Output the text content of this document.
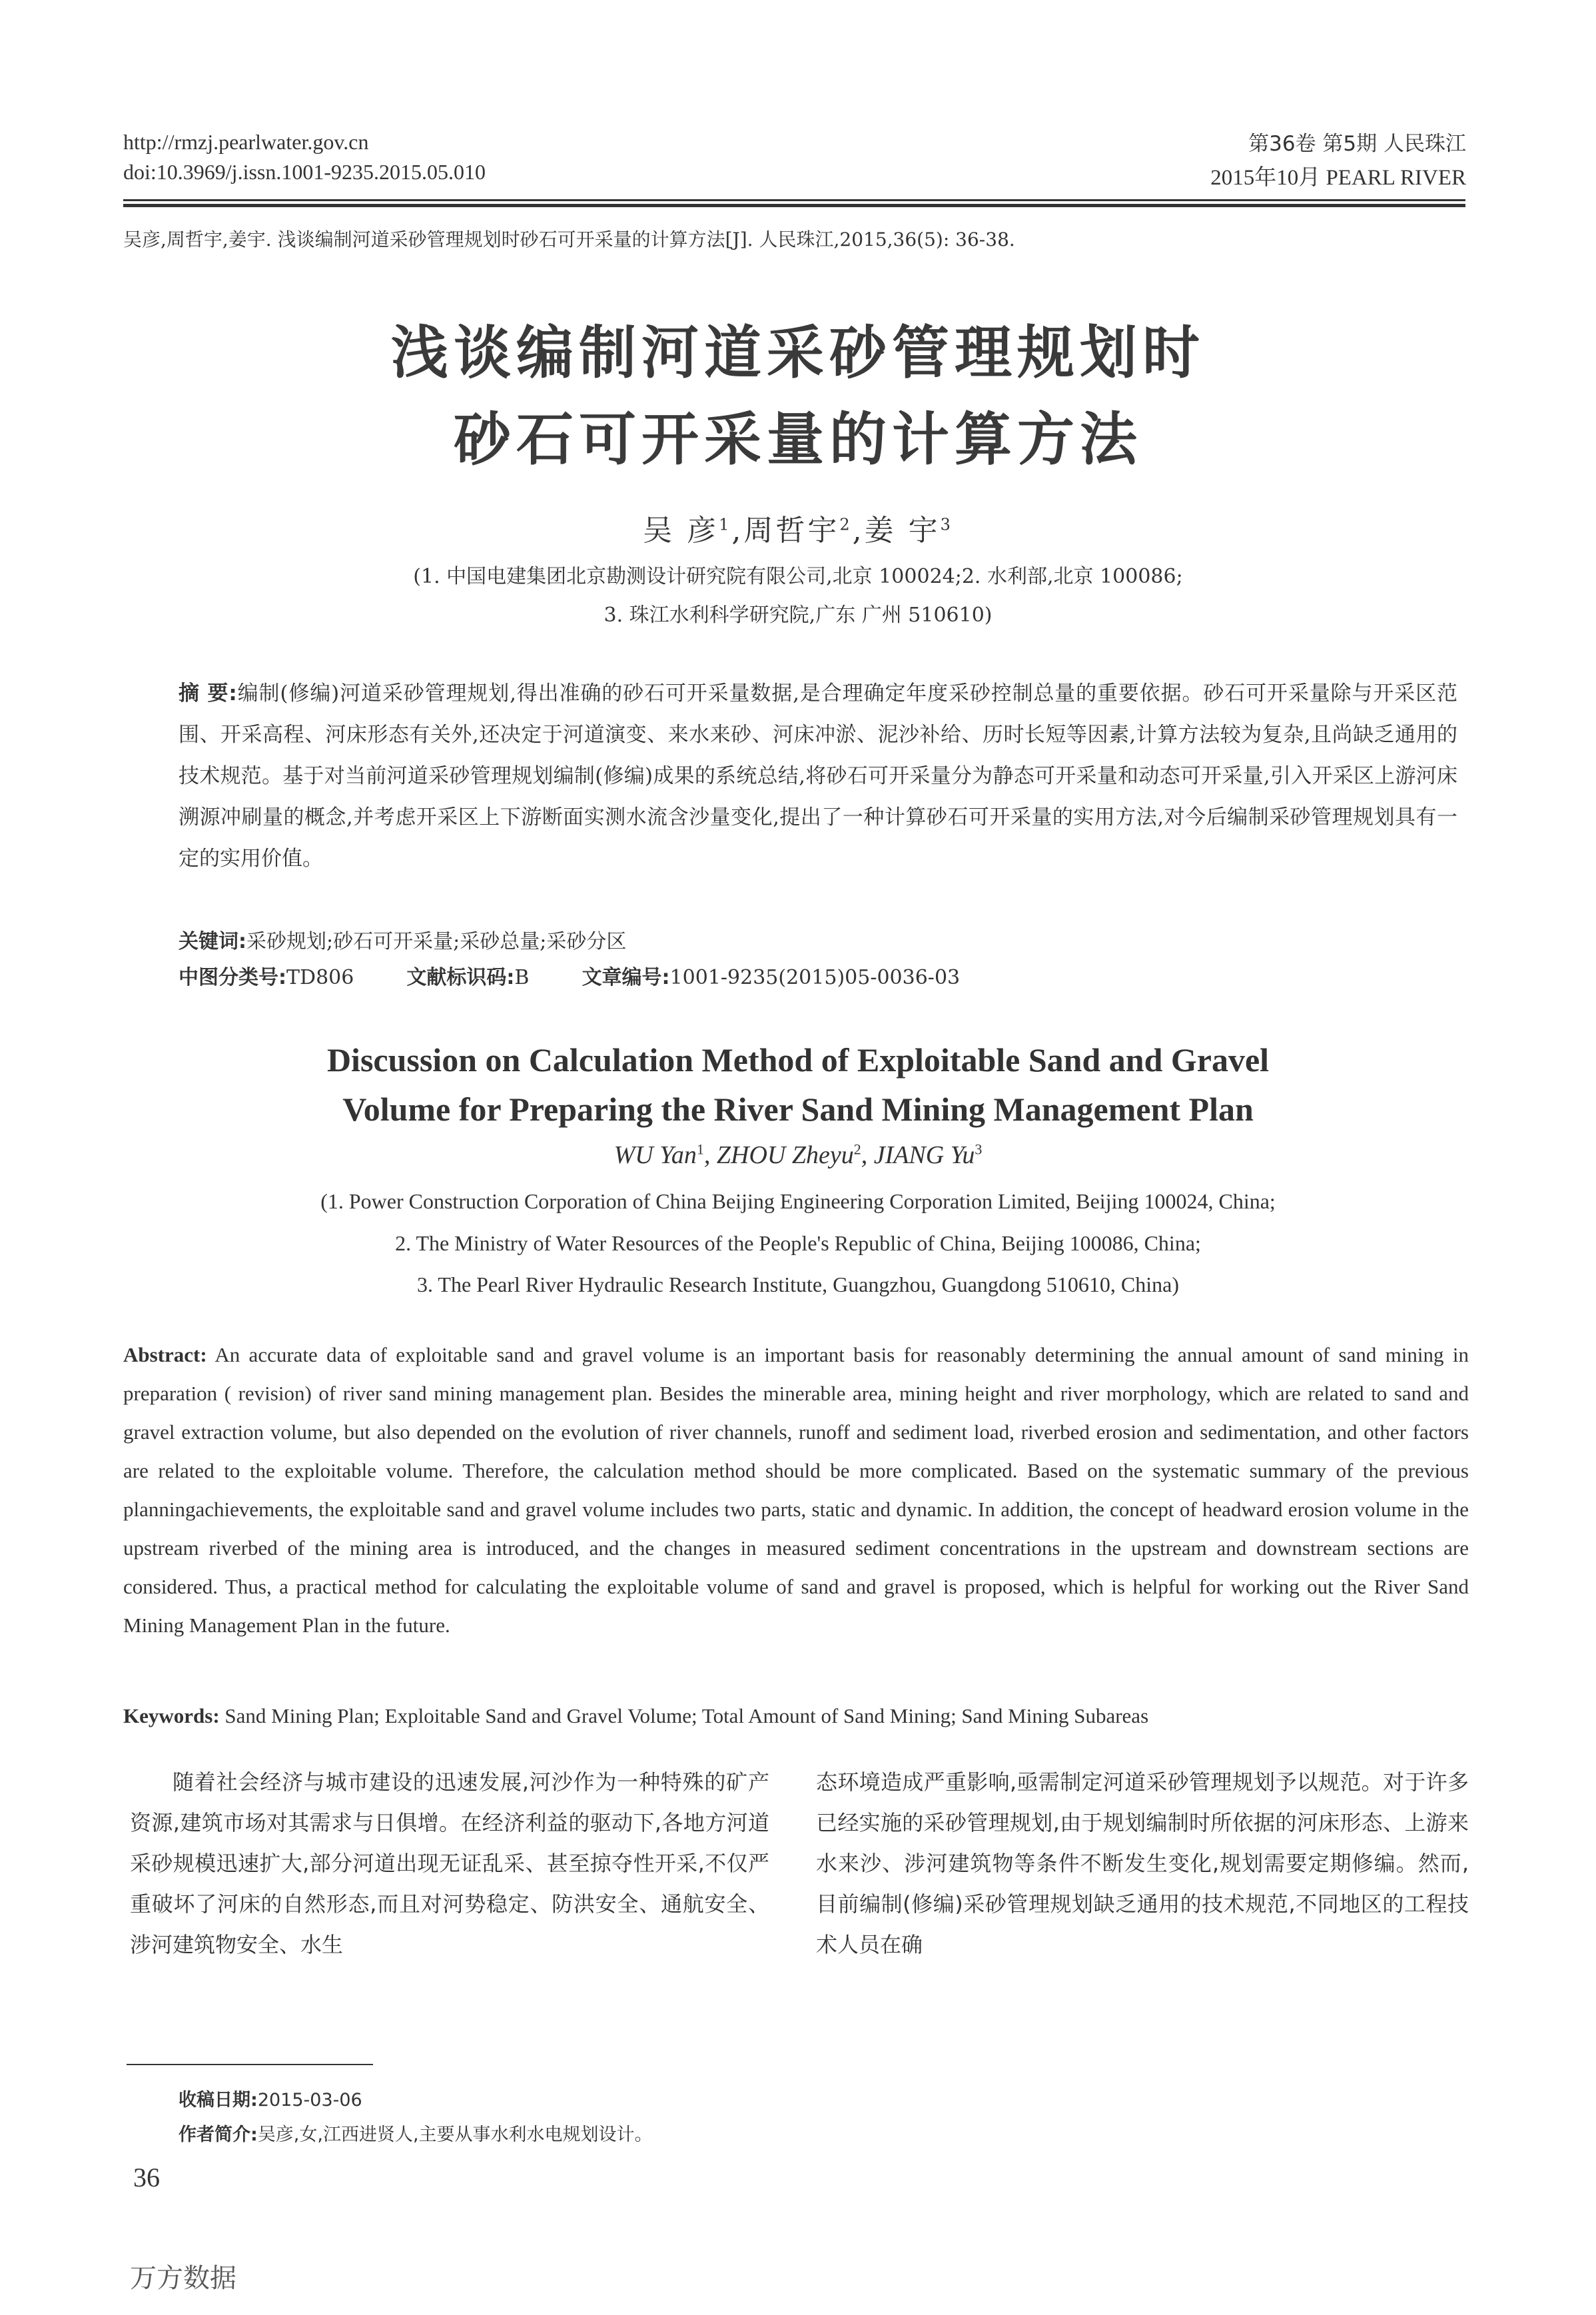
http://rmzj.pearlwater.gov.cn
doi:10.3969/j.issn.1001-9235.2015.05.010
第36卷 第5期 人民珠江
2015年10月 PEARL RIVER
吴彦,周哲宇,姜宇. 浅谈编制河道采砂管理规划时砂石可开采量的计算方法[J]. 人民珠江,2015,36(5): 36-38.
浅谈编制河道采砂管理规划时
砂石可开采量的计算方法
吴 彦$^1$,周哲宇$^2$,姜 宇$^3$
(1. 中国电建集团北京勘测设计研究院有限公司,北京 100024;2. 水利部,北京 100086;
3. 珠江水利科学研究院,广东 广州 510610)
摘 要:编制(修编)河道采砂管理规划,得出准确的砂石可开采量数据,是合理确定年度采砂控制总量的重要依据。砂石可开采量除与开采区范围、开采高程、河床形态有关外,还决定于河道演变、来水来砂、河床冲淤、泥沙补给、历时长短等因素,计算方法较为复杂,且尚缺乏通用的技术规范。基于对当前河道采砂管理规划编制(修编)成果的系统总结,将砂石可开采量分为静态可开采量和动态可开采量,引入开采区上游河床溯源冲刷量的概念,并考虑开采区上下游断面实测水流含沙量变化,提出了一种计算砂石可开采量的实用方法,对今后编制采砂管理规划具有一定的实用价值。
关键词:采砂规划;砂石可开采量;采砂总量;采砂分区
中图分类号:TD806	文献标识码:B	文章编号:1001-9235(2015)05-0036-03
Discussion on Calculation Method of Exploitable Sand and Gravel
Volume for Preparing the River Sand Mining Management Plan
WU Yan$^1$, ZHOU Zheyu$^2$, JIANG Yu$^3$
(1. Power Construction Corporation of China Beijing Engineering Corporation Limited, Beijing 100024, China;
2. The Ministry of Water Resources of the People's Republic of China, Beijing 100086, China;
3. The Pearl River Hydraulic Research Institute, Guangzhou, Guangdong 510610, China)
Abstract: An accurate data of exploitable sand and gravel volume is an important basis for reasonably determining the annual amount of sand mining in preparation ( revision) of river sand mining management plan. Besides the minerable area, mining height and river morphology, which are related to sand and gravel extraction volume, but also depended on the evolution of river channels, runoff and sediment load, riverbed erosion and sedimentation, and other factors are related to the exploitable volume. Therefore, the calculation method should be more complicated. Based on the systematic summary of the previous planningachievements, the exploitable sand and gravel volume includes two parts, static and dynamic. In addition, the concept of headward erosion volume in the upstream riverbed of the mining area is introduced, and the changes in measured sediment concentrations in the upstream and downstream sections are considered. Thus, a practical method for calculating the exploitable volume of sand and gravel is proposed, which is helpful for working out the River Sand Mining Management Plan in the future.
Keywords: Sand Mining Plan; Exploitable Sand and Gravel Volume; Total Amount of Sand Mining; Sand Mining Subareas
随着社会经济与城市建设的迅速发展,河沙作为一种特殊的矿产资源,建筑市场对其需求与日俱增。在经济利益的驱动下,各地方河道采砂规模迅速扩大,部分河道出现无证乱采、甚至掠夺性开采,不仅严重破坏了河床的自然形态,而且对河势稳定、防洪安全、通航安全、涉河建筑物安全、水生
态环境造成严重影响,亟需制定河道采砂管理规划予以规范。对于许多已经实施的采砂管理规划,由于规划编制时所依据的河床形态、上游来水来沙、涉河建筑物等条件不断发生变化,规划需要定期修编。然而,目前编制(修编)采砂管理规划缺乏通用的技术规范,不同地区的工程技术人员在确
收稿日期:2015-03-06
作者简介:吴彦,女,江西进贤人,主要从事水利水电规划设计。
36
万方数据
